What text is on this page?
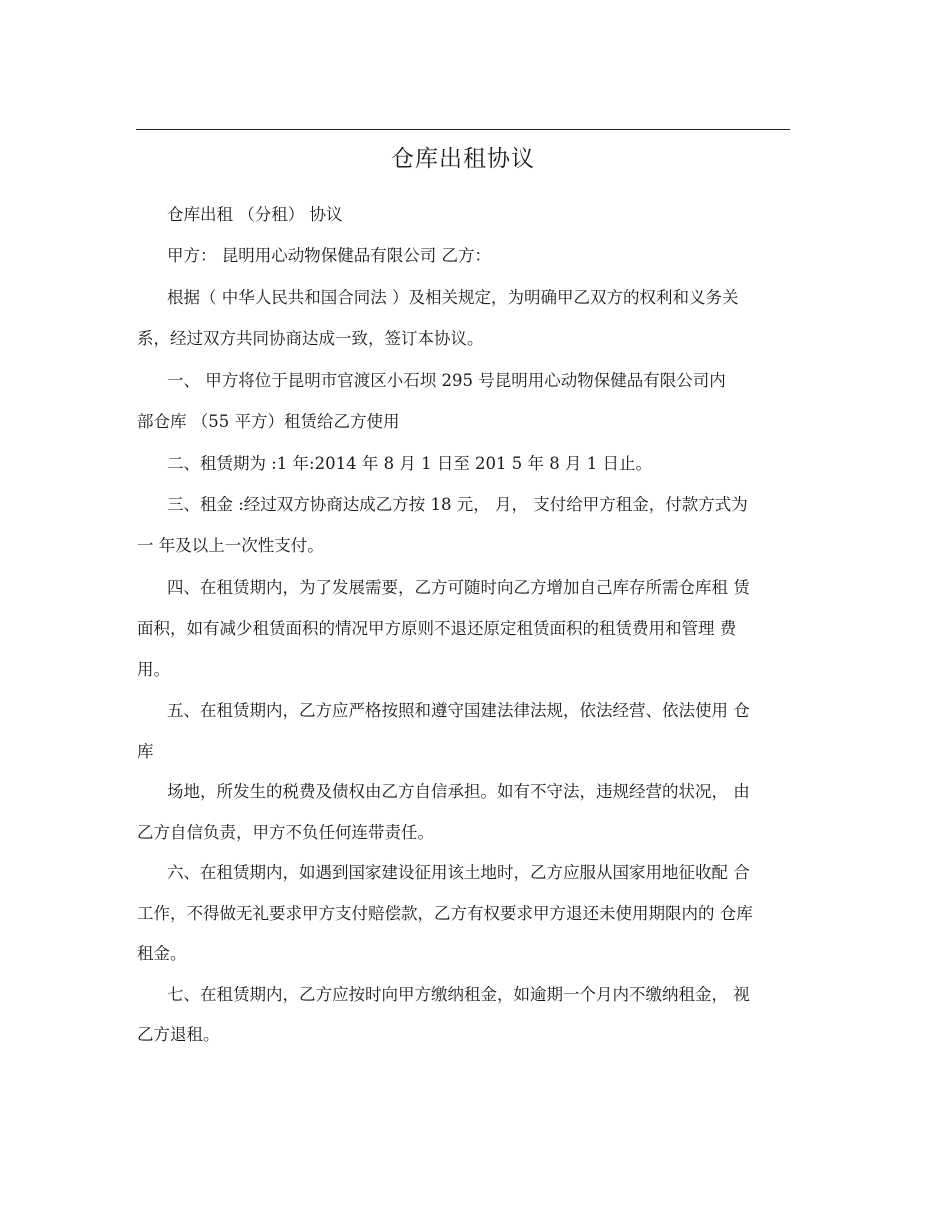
仓库出租协议
仓库出租 （分租） 协议
甲方： 昆明用心动物保健品有限公司 乙方：
根据（ 中华人民共和国合同法 ）及相关规定，为明确甲乙双方的权利和义务关
系，经过双方共同协商达成一致，签订本协议。
一、 甲方将位于昆明市官渡区小石坝 295 号昆明用心动物保健品有限公司内
部仓库 （55 平方）租赁给乙方使用
二、租赁期为 :1 年:2014 年 8 月 1 日至 201 5 年 8 月 1 日止。
三、租金 :经过双方协商达成乙方按 18 元， 月， 支付给甲方租金，付款方式为
一 年及以上一次性支付。
四、在租赁期内，为了发展需要，乙方可随时向乙方增加自己库存所需仓库租 赁
面积，如有减少租赁面积的情况甲方原则不退还原定租赁面积的租赁费用和管理 费
用。
五、在租赁期内，乙方应严格按照和遵守国建法律法规，依法经营、依法使用 仓
库
场地，所发生的税费及债权由乙方自信承担。如有不守法，违规经营的状况， 由
乙方自信负责，甲方不负任何连带责任。
六、在租赁期内，如遇到国家建设征用该土地时，乙方应服从国家用地征收配 合
工作，不得做无礼要求甲方支付赔偿款，乙方有权要求甲方退还未使用期限内的 仓库
租金。
七、在租赁期内，乙方应按时向甲方缴纳租金，如逾期一个月内不缴纳租金， 视
乙方退租。
